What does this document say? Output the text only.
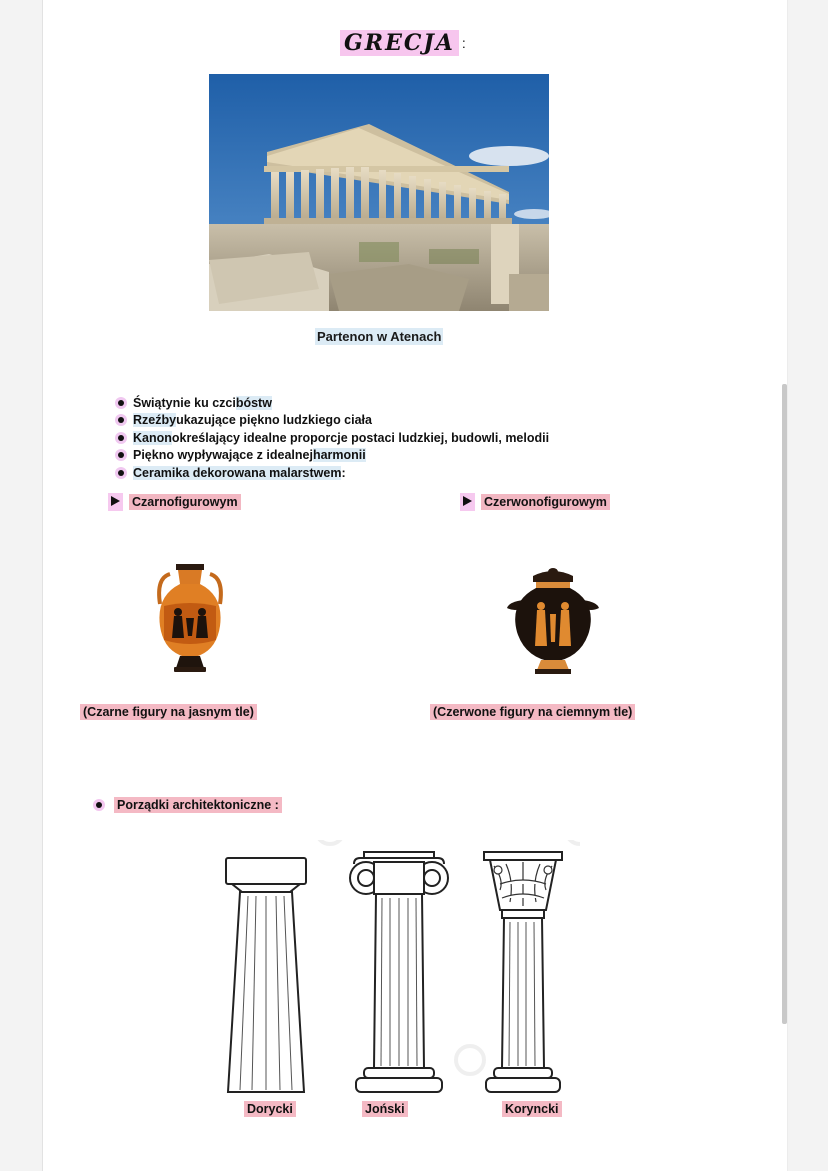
GRECJA :
Partenon w Atenach
Świątynie ku czci bóstw
Rzeźby ukazujące piękno ludzkiego ciała
Kanon określający idealne proporcje postaci ludzkiej, budowli, melodii
Piękno wypływające z idealnej harmonii
Ceramika dekorowana malarstwem :
Czarnofigurowym	Czerwonofigurowym
(Czarne figury na jasnym tle)	(Czerwone figury na ciemnym tle)
Porządki architektoniczne :
Dorycki	Joński	Koryncki
